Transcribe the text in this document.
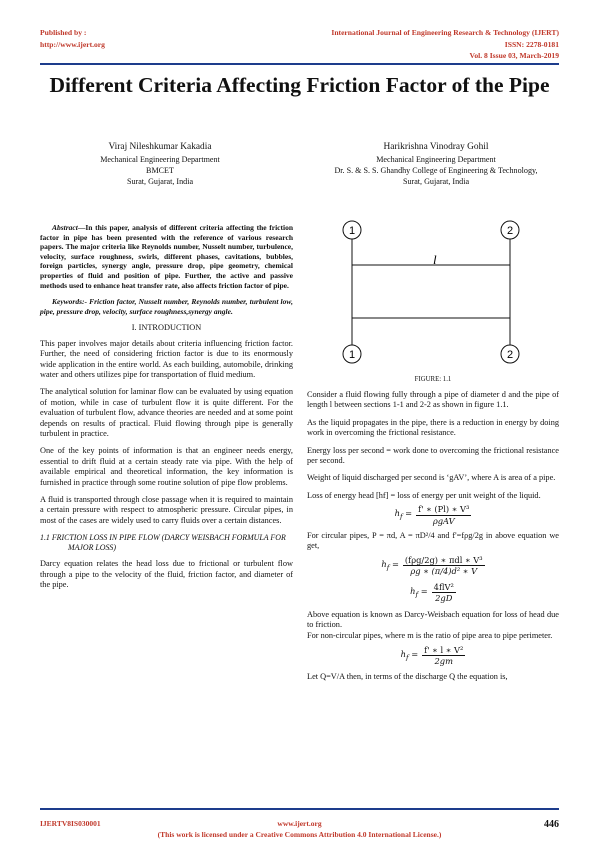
Published by :
http://www.ijert.org
International Journal of Engineering Research & Technology (IJERT)
ISSN: 2278-0181
Vol. 8 Issue 03, March-2019
Different Criteria Affecting Friction Factor of the Pipe
Viraj Nileshkumar Kakadia
Mechanical Engineering Department
BMCET
Surat, Gujarat, India
Harikrishna Vinodray Gohil
Mechanical Engineering Department
Dr. S. & S. S. Ghandhy College of Engineering & Technology,
Surat, Gujarat, India

Abstract—In this paper, analysis of different criteria affecting the friction factor in pipe has been presented with the reference of various research papers. The major criteria like Reynolds number, Nusselt number, turbulence, velocity, surface roughness, swirls, different phases, cavitations, bubbles, foreign particles, synergy angle, pressure drop, pipe geometry, chemical properties of fluid and position of pipe. Further, the active and passive methods used to enhance heat transfer rate, also affects friction factor of pipe.

Keywords:- Friction factor, Nusselt number, Reynolds number, turbulent low, pipe, pressure drop, velocity, surface roughness,synergy angle.

I. INTRODUCTION

This paper involves major details about criteria influencing friction factor. Further, the need of considering friction factor is due to its enormously wide application in the entire world. As each building, automobile, drinking water and others utilizes pipe for transportation of fluid medium.

The analytical solution for laminar flow can be evaluated by using equation of motion, while in case of turbulent flow it is quite different. For the evaluation of turbulent flow, advance theories are needed and at some point depends on results of practical. Fluid flowing through pipe is generally turbulent in practice.

One of the key points of information is that an engineer needs energy, essential to drift fluid at a certain steady rate via pipe. With the help of available empirical and theoretical information, the key information is furnished in practice through some routine solution of pipe flow problems.

A fluid is transported through close passage when it is required to maintain a certain pressure with respect to atmospheric pressure. Circular pipes, in most of the cases are widely used to carry fluids over a certain distances.

1.1 FRICTION LOSS IN PIPE FLOW (DARCY WEISBACH FORMULA FOR MAJOR LOSS)

Darcy equation relates the head loss due to frictional or turbulent flow through a pipe to the velocity of the fluid, friction factor, and diameter of the pipe.

1	2
1	2
l
FIGURE: 1.1

Consider a fluid flowing fully through a pipe of diameter d and the pipe of length l between sections 1-1 and 2-2 as shown in figure 1.1.

As the liquid propagates in the pipe, there is a reduction in energy by doing work in overcoming the frictional resistance.

Energy loss per second = work done to overcoming the frictional resistance per second.

Weight of liquid discharged per second is ‘gAV’, where A is area of a pipe.

Loss of energy head [hf] = loss of energy per unit weight of the liquid.

$h_f = f'$ ∗ (Pl) ∗ V³
ρgAV

For circular pipes, P = πd, A = πD²/4 and f'=fρg/2g in above equation we get,

$h_f = (f\rho g/2g)$ ∗ πdl ∗ V³
ρg ∗ (π/4)d² ∗ V
$h_f = 4flV^2$
2gD

Above equation is known as Darcy-Weisbach equation for loss of head due to friction.

For non-circular pipes, where m is the ratio of pipe area to pipe perimeter.

$h_f = \frac{\text{f' ∗ l ∗ V²}}{2gm}$

Let Q=V/A then, in terms of the discharge Q the equation is,

IJERTV8IS030001	www.ijert.org
(This work is licensed under a Creative Commons Attribution 4.0 International License.)
446
